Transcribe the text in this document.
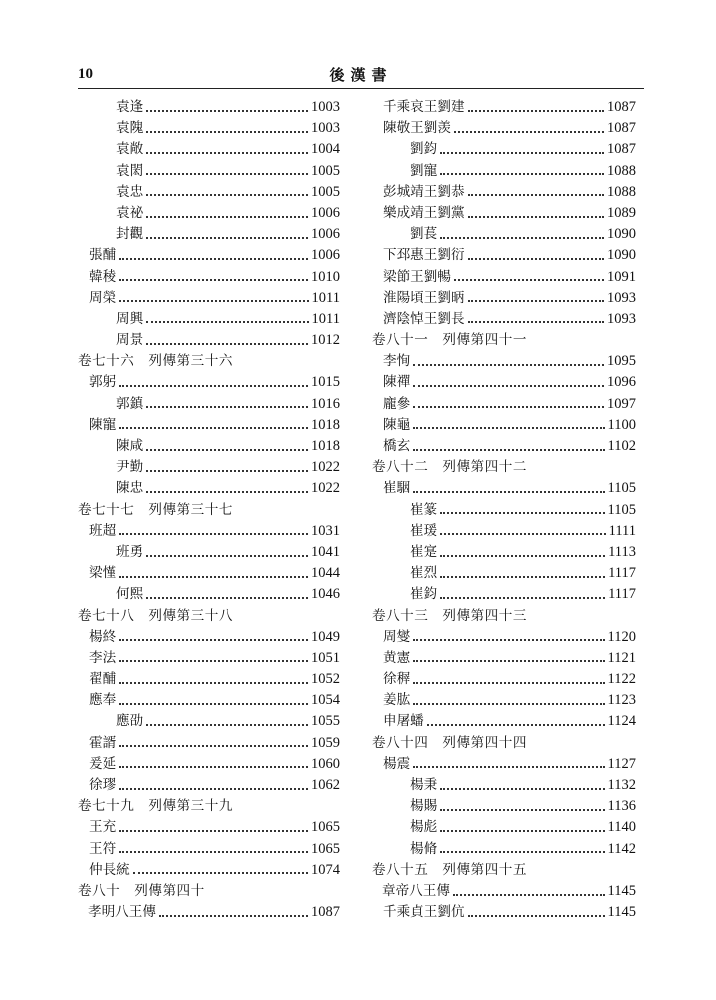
10	後漢書
袁逢	1003
袁隗	1003
袁敞	1004
袁閎	1005
袁忠	1005
袁祕	1006
封觀	1006
張酺	1006
韓稜	1010
周榮	1011
周興	1011
周景	1012
卷七十六 列傳第三十六
郭躬	1015
郭鎮	1016
陳寵	1018
陳咸	1018
尹勤	1022
陳忠	1022
卷七十七 列傳第三十七
班超	1031
班勇	1041
梁慬	1044
何熙	1046
卷七十八 列傳第三十八
楊終	1049
李法	1051
翟酺	1052
應奉	1054
應劭	1055
霍諝	1059
爰延	1060
徐璆	1062
卷七十九 列傳第三十九
王充	1065
王符	1065
仲長統	1074
卷八十 列傳第四十
孝明八王傳	1087
千乘哀王劉建	1087
陳敬王劉羡	1087
劉鈞	1087
劉寵	1088
彭城靖王劉恭	1088
樂成靖王劉黨	1089
劉萇	1090
下邳惠王劉衍	1090
梁節王劉暢	1091
淮陽頃王劉昞	1093
濟陰悼王劉長	1093
卷八十一 列傳第四十一
李恂	1095
陳禪	1096
龐參	1097
陳龜	1100
橋玄	1102
卷八十二 列傳第四十二
崔駰	1105
崔篆	1105
崔瑗	1111
崔寔	1113
崔烈	1117
崔鈞	1117
卷八十三 列傳第四十三
周燮	1120
黄憲	1121
徐稺	1122
姜肱	1123
申屠蟠	1124
卷八十四 列傳第四十四
楊震	1127
楊秉	1132
楊賜	1136
楊彪	1140
楊脩	1142
卷八十五 列傳第四十五
章帝八王傳	1145
千乘貞王劉伉	1145
